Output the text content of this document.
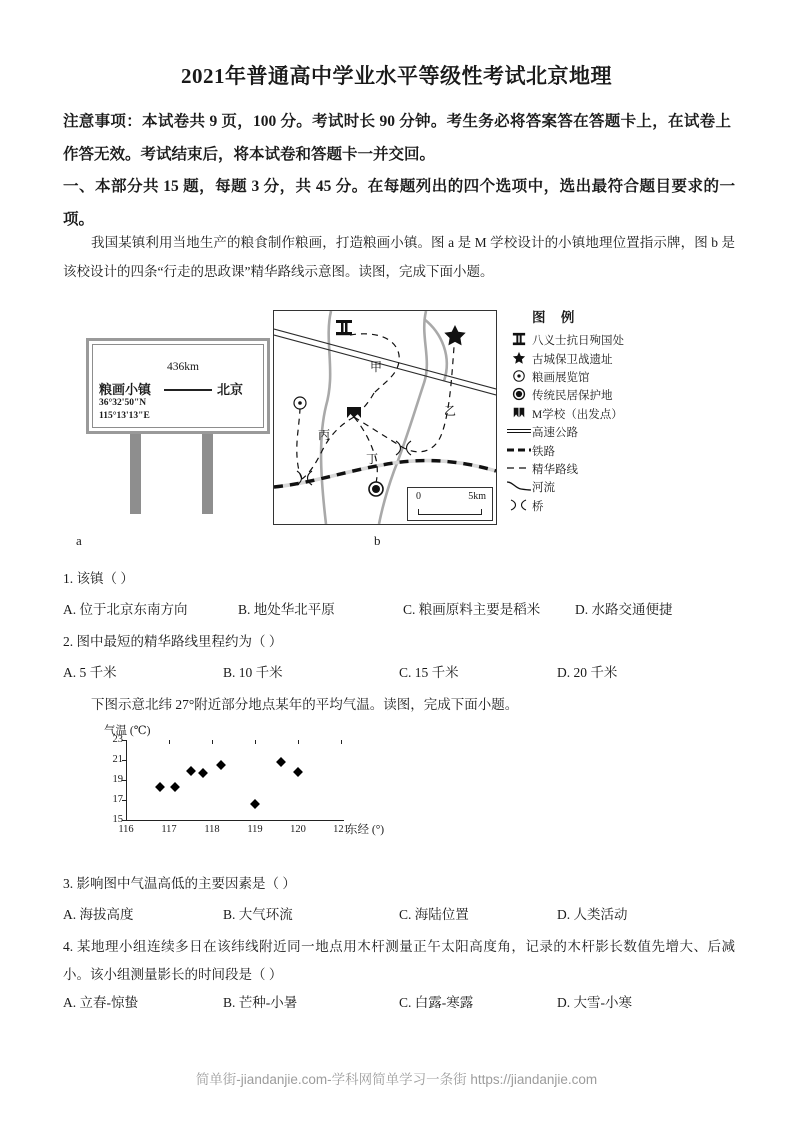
2021年普通高中学业水平等级性考试北京地理
注意事项：本试卷共 9 页，100 分。考试时长 90 分钟。考生务必将答案答在答题卡上，在试卷上作答无效。考试结束后，将本试卷和答题卡一并交回。
一、本部分共 15 题，每题 3 分，共 45 分。在每题列出的四个选项中，选出最符合题目要求的一项。
我国某镇利用当地生产的粮食制作粮画，打造粮画小镇。图 a 是 M 学校设计的小镇地理位置指示牌，图 b 是该校设计的四条“行走的思政课”精华路线示意图。读图，完成下面小题。
粮画小镇
436km
北京
36°32'50"N
115°13'13"E
a
甲
乙
丙
丁
0	5km
b
图 例
八义士抗日殉国处
古城保卫战遗址
粮画展览馆
传统民居保护地
M学校（出发点）
高速公路
铁路
精华路线
河流
桥
1. 该镇（ ）
A. 位于北京东南方向	B. 地处华北平原	C. 粮画原料主要是稻米	D. 水路交通便捷
2. 图中最短的精华路线里程约为（ ）
A. 5 千米	B. 10 千米	C. 15 千米	D. 20 千米
下图示意北纬 27°附近部分地点某年的平均气温。读图，完成下面小题。
气温 (℃)
15
17
19
21
23
116	117	118	119	120	121
东经 (°)
3. 影响图中气温高低的主要因素是（ ）
A. 海拔高度	B. 大气环流	C. 海陆位置	D. 人类活动
4. 某地理小组连续多日在该纬线附近同一地点用木杆测量正午太阳高度角，记录的木杆影长数值先增大、后减小。该小组测量影长的时间段是（ ）
A. 立春-惊蛰	B. 芒种-小暑	C. 白露-寒露	D. 大雪-小寒
简单街-jiandanjie.com-学科网简单学习一条街 https://jiandanjie.com
